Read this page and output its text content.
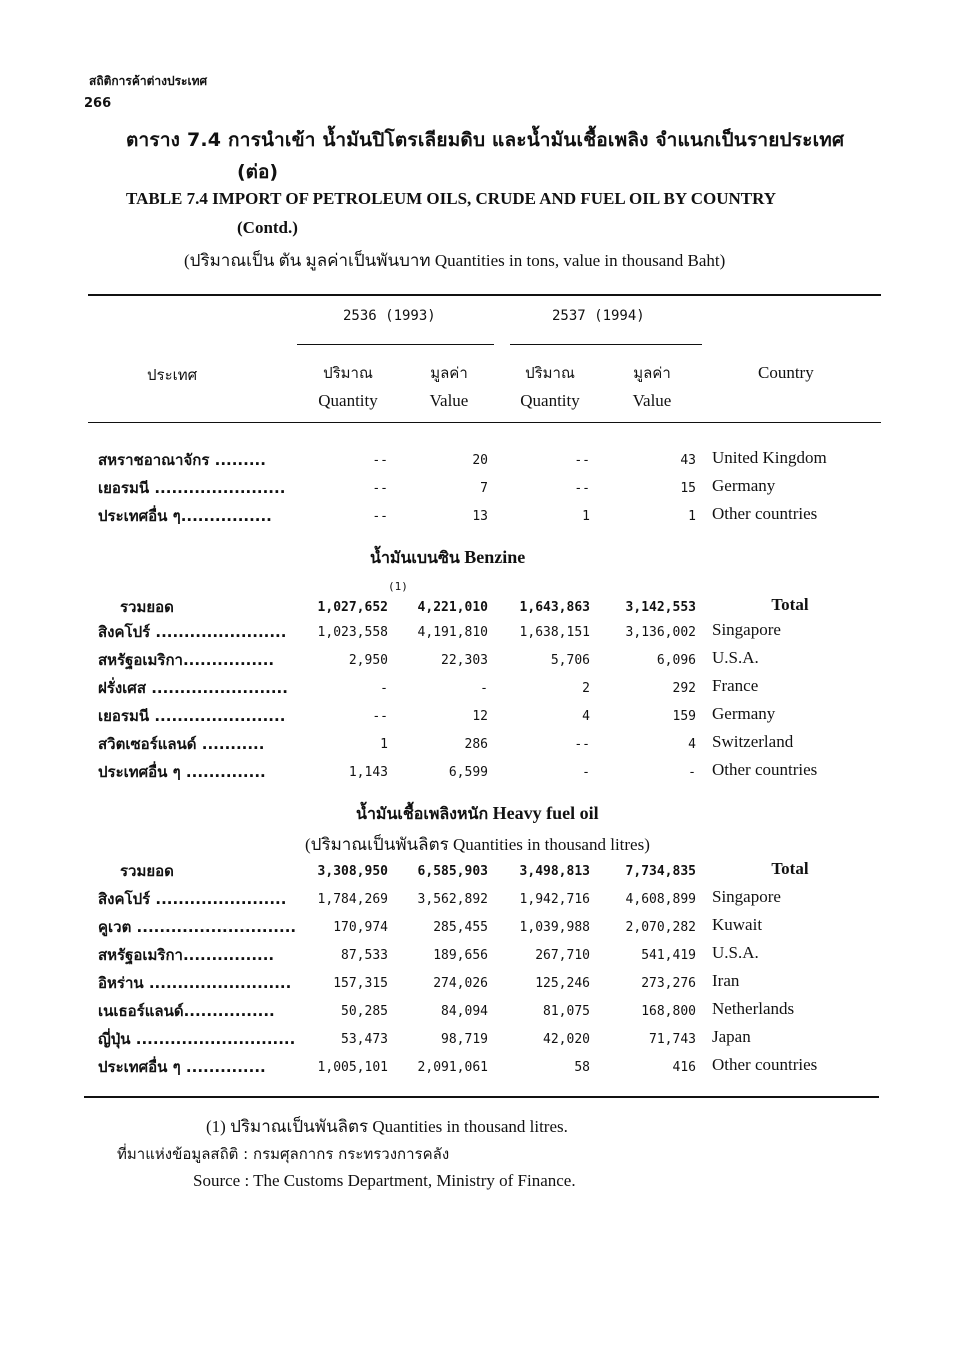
สถิติการค้าต่างประเทศ
266
ตาราง 7.4 การนำเข้า น้ำมันปิโตรเลียมดิบ และน้ำมันเชื้อเพลิง จำแนกเป็นรายประเทศ
(ต่อ)
TABLE 7.4 IMPORT OF PETROLEUM OILS, CRUDE AND FUEL OIL BY COUNTRY
(Contd.)
(ปริมาณเป็น ตัน มูลค่าเป็นพันบาท Quantities in tons, value in thousand Baht)
2536 (1993)	2537 (1994)
ประเทศ	ปริมาณ
Quantity
มูลค่า
Value
ปริมาณ
Quantity
มูลค่า
Value
Country
สหราชอาณาจักร .........	--	20	--	43 United Kingdom
เยอรมนี .......................	--	7	--	15 Germany
ประเทศอื่น ๆ................	--	13	1	1 Other countries
น้ำมันเบนซิน Benzine
(1)
รวมยอด	1,027,652 4,221,010 1,643,863	3,142,553	Total
สิงคโปร์ ....................... 1,023,558 4,191,810 1,638,151	3,136,002 Singapore
สหรัฐอเมริกา................	2,950	22,303	5,706	6,096 U.S.A.
ฝรั่งเศส ........................	-	-	2	292 France
เยอรมนี .......................	--	12	4	159 Germany
สวิตเซอร์แลนด์ ...........	1	286	--	4 Switzerland
ประเทศอื่น ๆ ..............	1,143	6,599	-	- Other countries
น้ำมันเชื้อเพลิงหนัก Heavy fuel oil
(ปริมาณเป็นพันลิตร Quantities in thousand litres)
รวมยอด	3,308,950 6,585,903 3,498,813	7,734,835	Total
สิงคโปร์ ....................... 1,784,269 3,562,892 1,942,716	4,608,899 Singapore
คูเวต ............................	170,974	285,455 1,039,988	2,070,282 Kuwait
สหรัฐอเมริกา................	87,533	189,656	267,710	541,419 U.S.A.
อิหร่าน .........................	157,315	274,026	125,246	273,276 Iran
เนเธอร์แลนด์................	50,285	84,094	81,075	168,800 Netherlands
ญี่ปุ่น ............................	53,473	98,719	42,020	71,743 Japan
ประเทศอื่น ๆ ..............	1,005,101 2,091,061	58	416 Other countries
(1) ปริมาณเป็นพันลิตร Quantities in thousand litres.
ที่มาแห่งข้อมูลสถิติ : กรมศุลกากร กระทรวงการคลัง
Source : The Customs Department, Ministry of Finance.
